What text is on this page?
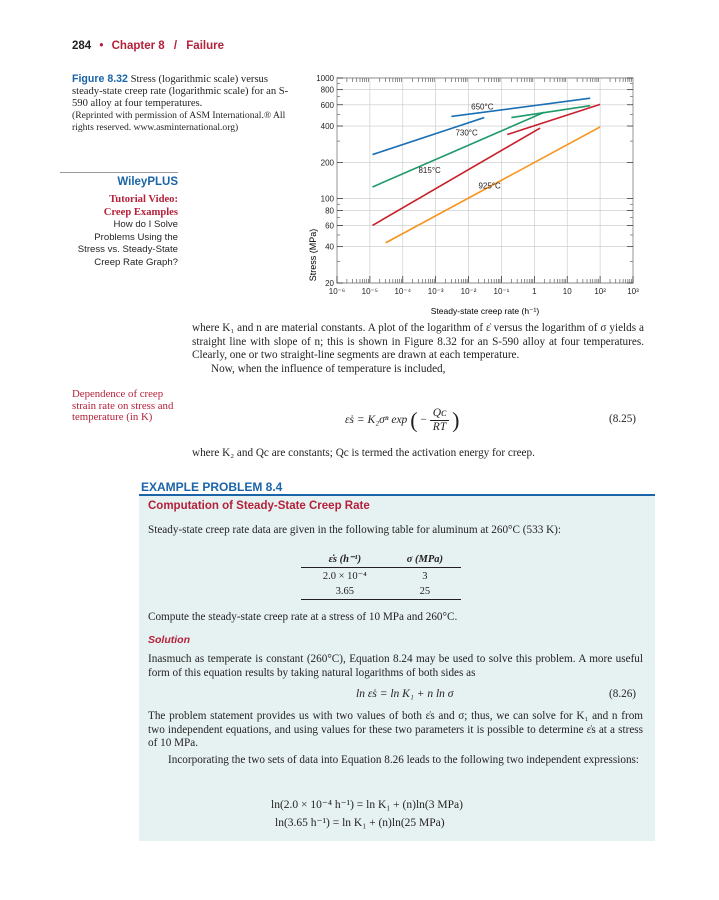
284 • Chapter 8 / Failure
Figure 8.32 Stress (logarithmic scale) versus steady-state creep rate (logarithmic scale) for an S-590 alloy at four temperatures.
(Reprinted with permission of ASM International.® All rights reserved. www.asminternational.org)
WileyPLUS
Tutorial Video:
Creep Examples
How do I Solve
Problems Using the
Stress vs. Steady-State
Creep Rate Graph?	Stress (MPa)
Steady-state creep rate (h⁻¹)
10⁻⁶ 10⁻⁵ 10⁻⁴ 10⁻³ 10⁻² 10⁻¹	1	10	10²	10³
20
40
60
80
100
200
400
600
800
1000
650°C
730°C
815°C
925°C
where K₁ and n are material constants. A plot of the logarithm of ε̇ versus the logarithm of σ yields a straight line with slope of n; this is shown in Figure 8.32 for an S-590 alloy at four temperatures. Clearly, one or two straight-line segments are drawn at each temperature.
Now, when the influence of temperature is included,
Dependence of creep strain rate on stress and temperature (in K)	ε̇s = K₂σⁿ exp ( − $\frac{\text{Qᴄ}}{RT}$ )	(8.25)
where K₂ and Qc are constants; Qc is termed the activation energy for creep.
EXAMPLE PROBLEM 8.4
Computation of Steady-State Creep Rate
Steady-state creep rate data are given in the following table for aluminum at 260°C (533 K):
ε̇s (h⁻¹)	σ (MPa)
2.0 × 10⁻⁴	3
3.65	25
Compute the steady-state creep rate at a stress of 10 MPa and 260°C.
Solution
Inasmuch as temperate is constant (260°C), Equation 8.24 may be used to solve this problem. A more useful form of this equation results by taking natural logarithms of both sides as
ln ε̇s = ln K₁ + n ln σ	(8.26)
The problem statement provides us with two values of both ε̇s and σ; thus, we can solve for K₁ and n from two independent equations, and using values for these two parameters it is possible to determine ε̇s at a stress of 10 MPa.
Incorporating the two sets of data into Equation 8.26 leads to the following two independent expressions:
ln(2.0 × 10⁻⁴ h⁻¹) = ln K₁ + (n)ln(3 MPa)
ln(3.65 h⁻¹) = ln K₁ + (n)ln(25 MPa)
